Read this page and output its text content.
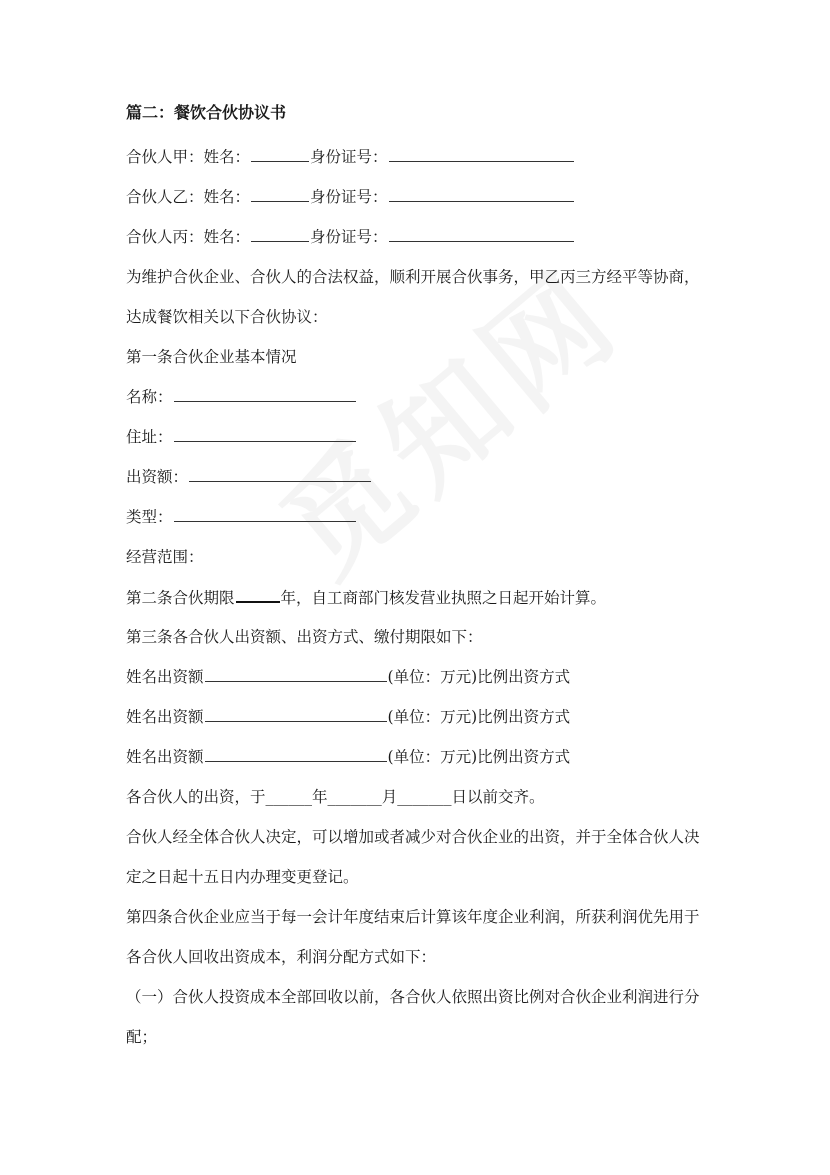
篇二：餐饮合伙协议书
合伙人甲：姓名：	身份证号：
合伙人乙：姓名：	身份证号：
合伙人丙：姓名：	身份证号：
为维护合伙企业、合伙人的合法权益，顺利开展合伙事务，甲乙丙三方经平等协商，
达成餐饮相关以下合伙协议：
第一条合伙企业基本情况
名称：
住址：
出资额：
类型：
经营范围：
第二条合伙期限	年，自工商部门核发营业执照之日起开始计算。
第三条各合伙人出资额、出资方式、缴付期限如下：
姓名出资额	(单位：万元)比例出资方式
姓名出资额	(单位：万元)比例出资方式
姓名出资额	(单位：万元)比例出资方式
各合伙人的出资，于______年_______月_______日以前交齐。
合伙人经全体合伙人决定，可以增加或者减少对合伙企业的出资，并于全体合伙人决
定之日起十五日内办理变更登记。
第四条合伙企业应当于每一会计年度结束后计算该年度企业利润，所获利润优先用于
各合伙人回收出资成本，利润分配方式如下：
（一）合伙人投资成本全部回收以前，各合伙人依照出资比例对合伙企业利润进行分
配；
